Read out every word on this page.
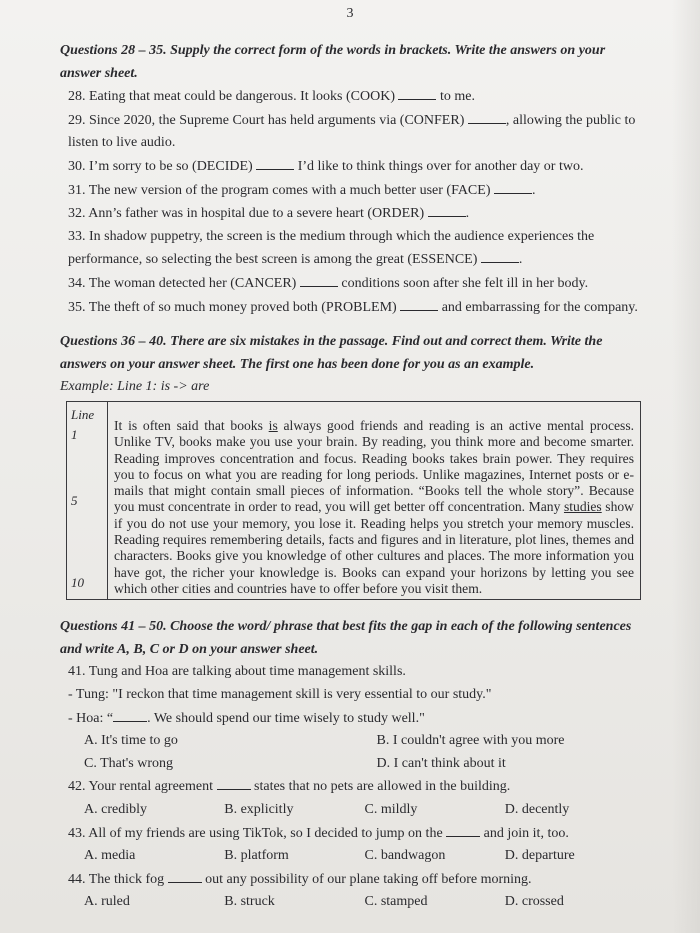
3

Questions 28 – 35. Supply the correct form of the words in brackets. Write the answers on your answer sheet.

28. Eating that meat could be dangerous. It looks (COOK)	to me.

29. Since 2020, the Supreme Court has held arguments via (CONFER)	, allowing the public to listen to live audio.

30. I’m sorry to be so (DECIDE)	I’d like to think things over for another day or two.

31. The new version of the program comes with a much better user (FACE)	.

32. Ann’s father was in hospital due to a severe heart (ORDER)	.

33. In shadow puppetry, the screen is the medium through which the audience experiences the performance, so selecting the best screen is among the great (ESSENCE)	.

34. The woman detected her (CANCER)	conditions soon after she felt ill in her body.

35. The theft of so much money proved both (PROBLEM)	and embarrassing for the company.

Questions 36 – 40. There are six mistakes in the passage. Find out and correct them. Write the answers on your answer sheet. The first one has been done for you as an example.

Example: Line 1: is -> are

Line
1
5
10
It is often said that books is always good friends and reading is an active mental process. Unlike TV, books make you use your brain. By reading, you think more and become smarter. Reading improves concentration and focus. Reading books takes brain power. They requires you to focus on what you are reading for long periods. Unlike magazines, Internet posts or e-mails that might contain small pieces of information. “Books tell the whole story”. Because you must concentrate in order to read, you will get better off concentration. Many studies show if you do not use your memory, you lose it. Reading helps you stretch your memory muscles. Reading requires remembering details, facts and figures and in literature, plot lines, themes and characters. Books give you knowledge of other cultures and places. The more information you have got, the richer your knowledge is. Books can expand your horizons by letting you see which other cities and countries have to offer before you visit them.

Questions 41 – 50. Choose the word/ phrase that best fits the gap in each of the following sentences and write A, B, C or D on your answer sheet.

41. Tung and Hoa are talking about time management skills.

- Tung: "I reckon that time management skill is very essential to our study."

- Hoa: “ . We should spend our time wisely to study well."

A. It's time to go	B. I couldn't agree with you more
C. That's wrong	D. I can't think about it

42. Your rental agreement  states that no pets are allowed in the building.

A. credibly	B. explicitly	C. mildly	D. decently

43. All of my friends are using TikTok, so I decided to jump on the  and join it, too.

A. media	B. platform	C. bandwagon	D. departure

44. The thick fog  out any possibility of our plane taking off before morning.

A. ruled	B. struck	C. stamped	D. crossed
